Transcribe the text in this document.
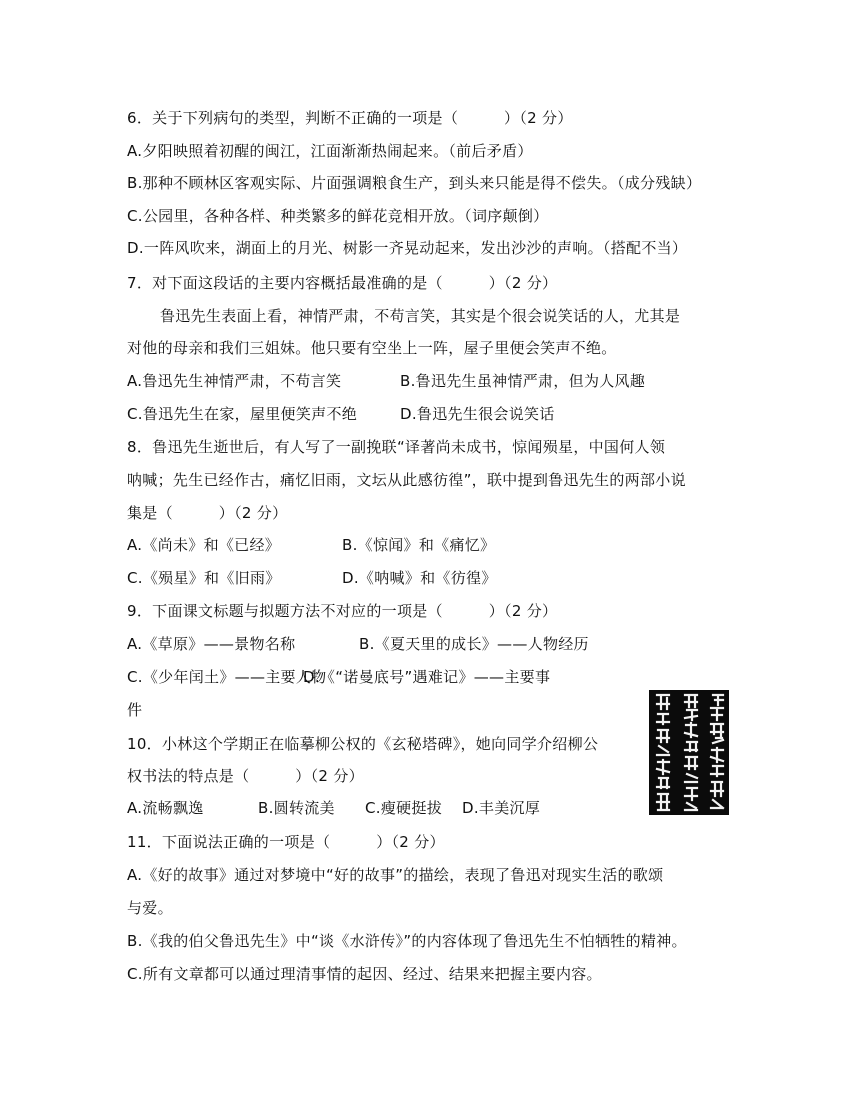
6．关于下列病句的类型，判断不正确的一项是（　　　）（2 分）
A.夕阳映照着初醒的闽江，江面渐渐热闹起来。（前后矛盾）
B.那种不顾林区客观实际、片面强调粮食生产，到头来只能是得不偿失。（成分残缺）
C.公园里，各种各样、种类繁多的鲜花竞相开放。（词序颠倒）
D.一阵风吹来，湖面上的月光、树影一齐晃动起来，发出沙沙的声响。（搭配不当）
7．对下面这段话的主要内容概括最准确的是（　　　）（2 分）
鲁迅先生表面上看，神情严肃，不苟言笑，其实是个很会说笑话的人，尤其是
对他的母亲和我们三姐妹。他只要有空坐上一阵，屋子里便会笑声不绝。
A.鲁迅先生神情严肃，不苟言笑	B.鲁迅先生虽神情严肃，但为人风趣
C.鲁迅先生在家，屋里便笑声不绝	D.鲁迅先生很会说笑话
8．鲁迅先生逝世后，有人写了一副挽联“译著尚未成书，惊闻殒星，中国何人领
呐喊；先生已经作古，痛忆旧雨，文坛从此感彷徨”，联中提到鲁迅先生的两部小说
集是（　　　）（2 分）
A.《尚未》和《已经》	B.《惊闻》和《痛忆》
C.《殒星》和《旧雨》	D.《呐喊》和《彷徨》
9．下面课文标题与拟题方法不对应的一项是（　　　）（2 分）
A.《草原》——景物名称	B.《夏天里的成长》——人物经历
C.《少年闰土》——主要人物
D.《“诺曼底号”遇难记》——主要事
件
10．小林这个学期正在临摹柳公权的《玄秘塔碑》，她向同学介绍柳公
权书法的特点是（　　　）（2 分）
A.流畅飘逸	B.圆转流美 C.瘦硬挺拔 D.丰美沉厚
11．下面说法正确的一项是（　　　）（2 分）
A.《好的故事》通过对梦境中“好的故事”的描绘，表现了鲁迅对现实生活的歌颂
与爱。
B.《我的伯父鲁迅先生》中“谈《水浒传》”的内容体现了鲁迅先生不怕牺牲的精神。
C.所有文章都可以通过理清事情的起因、经过、结果来把握主要内容。
